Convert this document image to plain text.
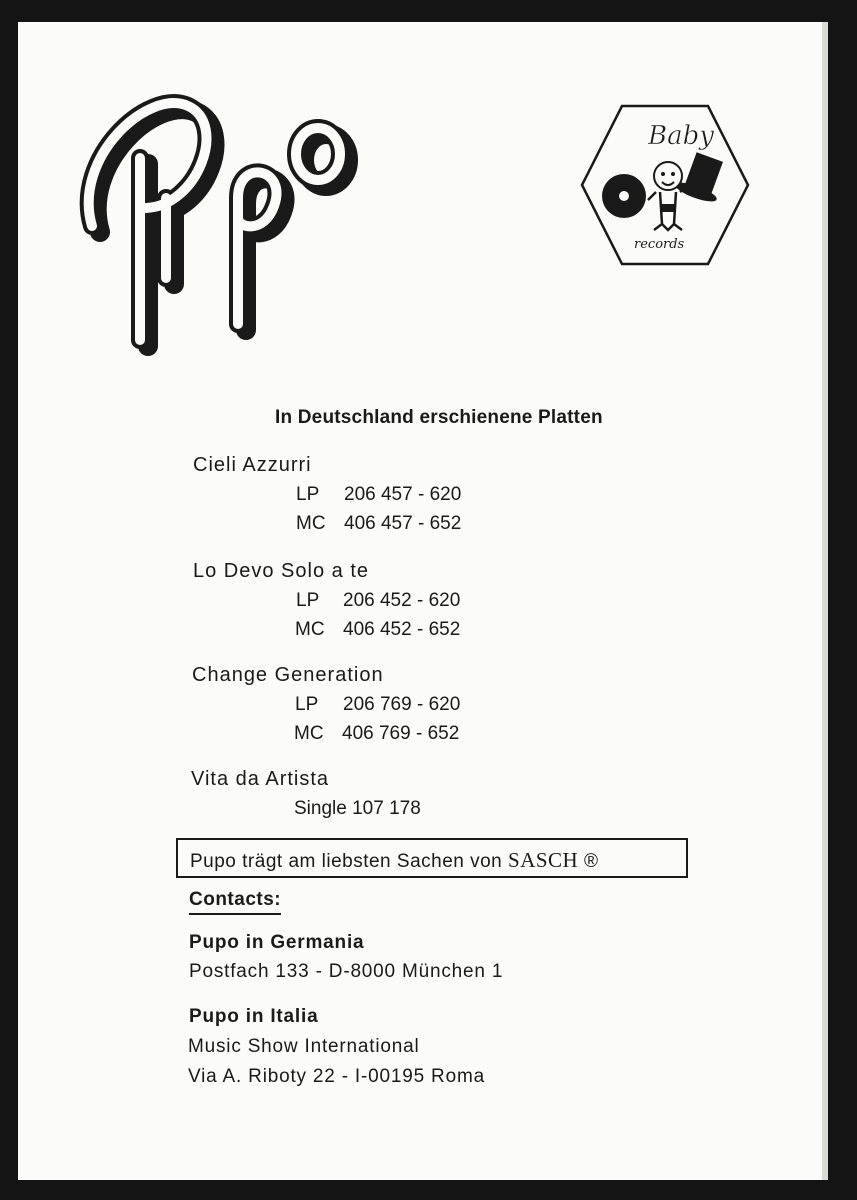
Baby
records
In Deutschland erschienene Platten
Cieli Azzurri
LP 206 457 - 620
MC 406 457 - 652
Lo Devo Solo a te
LP 206 452 - 620
MC 406 452 - 652
Change Generation
LP 206 769 - 620
MC 406 769 - 652
Vita da Artista
Single 107 178
Pupo trägt am liebsten Sachen von SASCH ®
Contacts:
Pupo in Germania
Postfach 133 - D-8000 München 1
Pupo in Italia
Music Show International
Via A. Riboty 22 - I-00195 Roma
